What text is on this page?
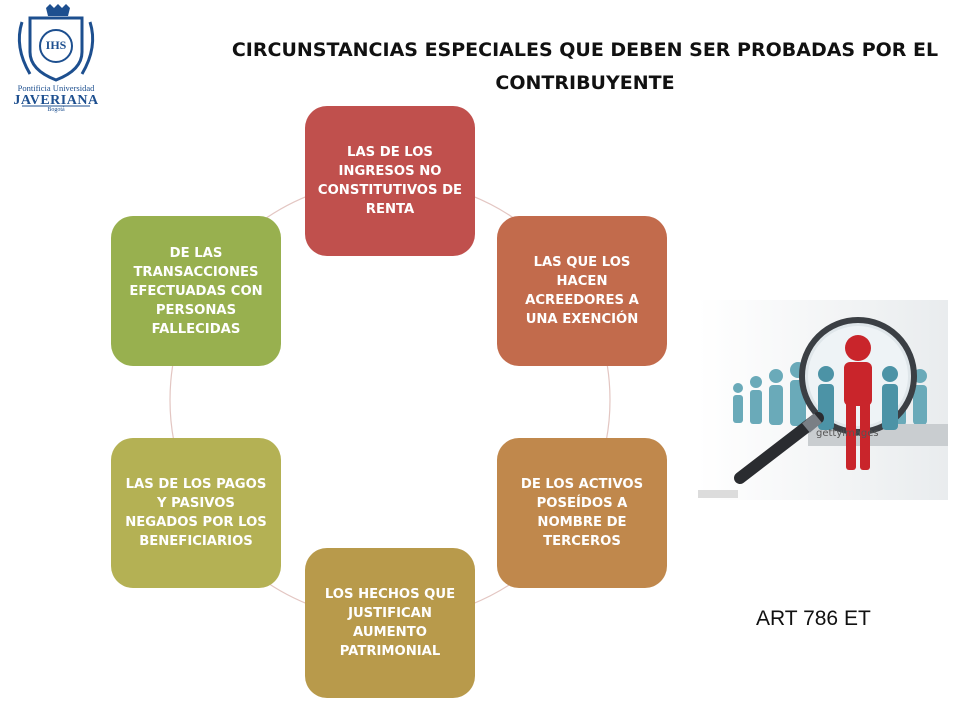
IHS
Pontificia Universidad
JAVERIANA
Bogotá
CIRCUNSTANCIAS ESPECIALES QUE DEBEN SER PROBADAS POR EL
CONTRIBUYENTE
LAS DE LOS INGRESOS NO CONSTITUTIVOS DE RENTA
LAS QUE LOS HACEN ACREEDORES A UNA EXENCIÓN
DE LOS ACTIVOS POSEÍDOS A NOMBRE DE TERCEROS
LOS HECHOS QUE JUSTIFICAN AUMENTO PATRIMONIAL
LAS DE LOS PAGOS Y PASIVOS NEGADOS POR LOS BENEFICIARIOS
DE LAS TRANSACCIONES EFECTUADAS CON PERSONAS FALLECIDAS
gettyimages
ART 786 ET
